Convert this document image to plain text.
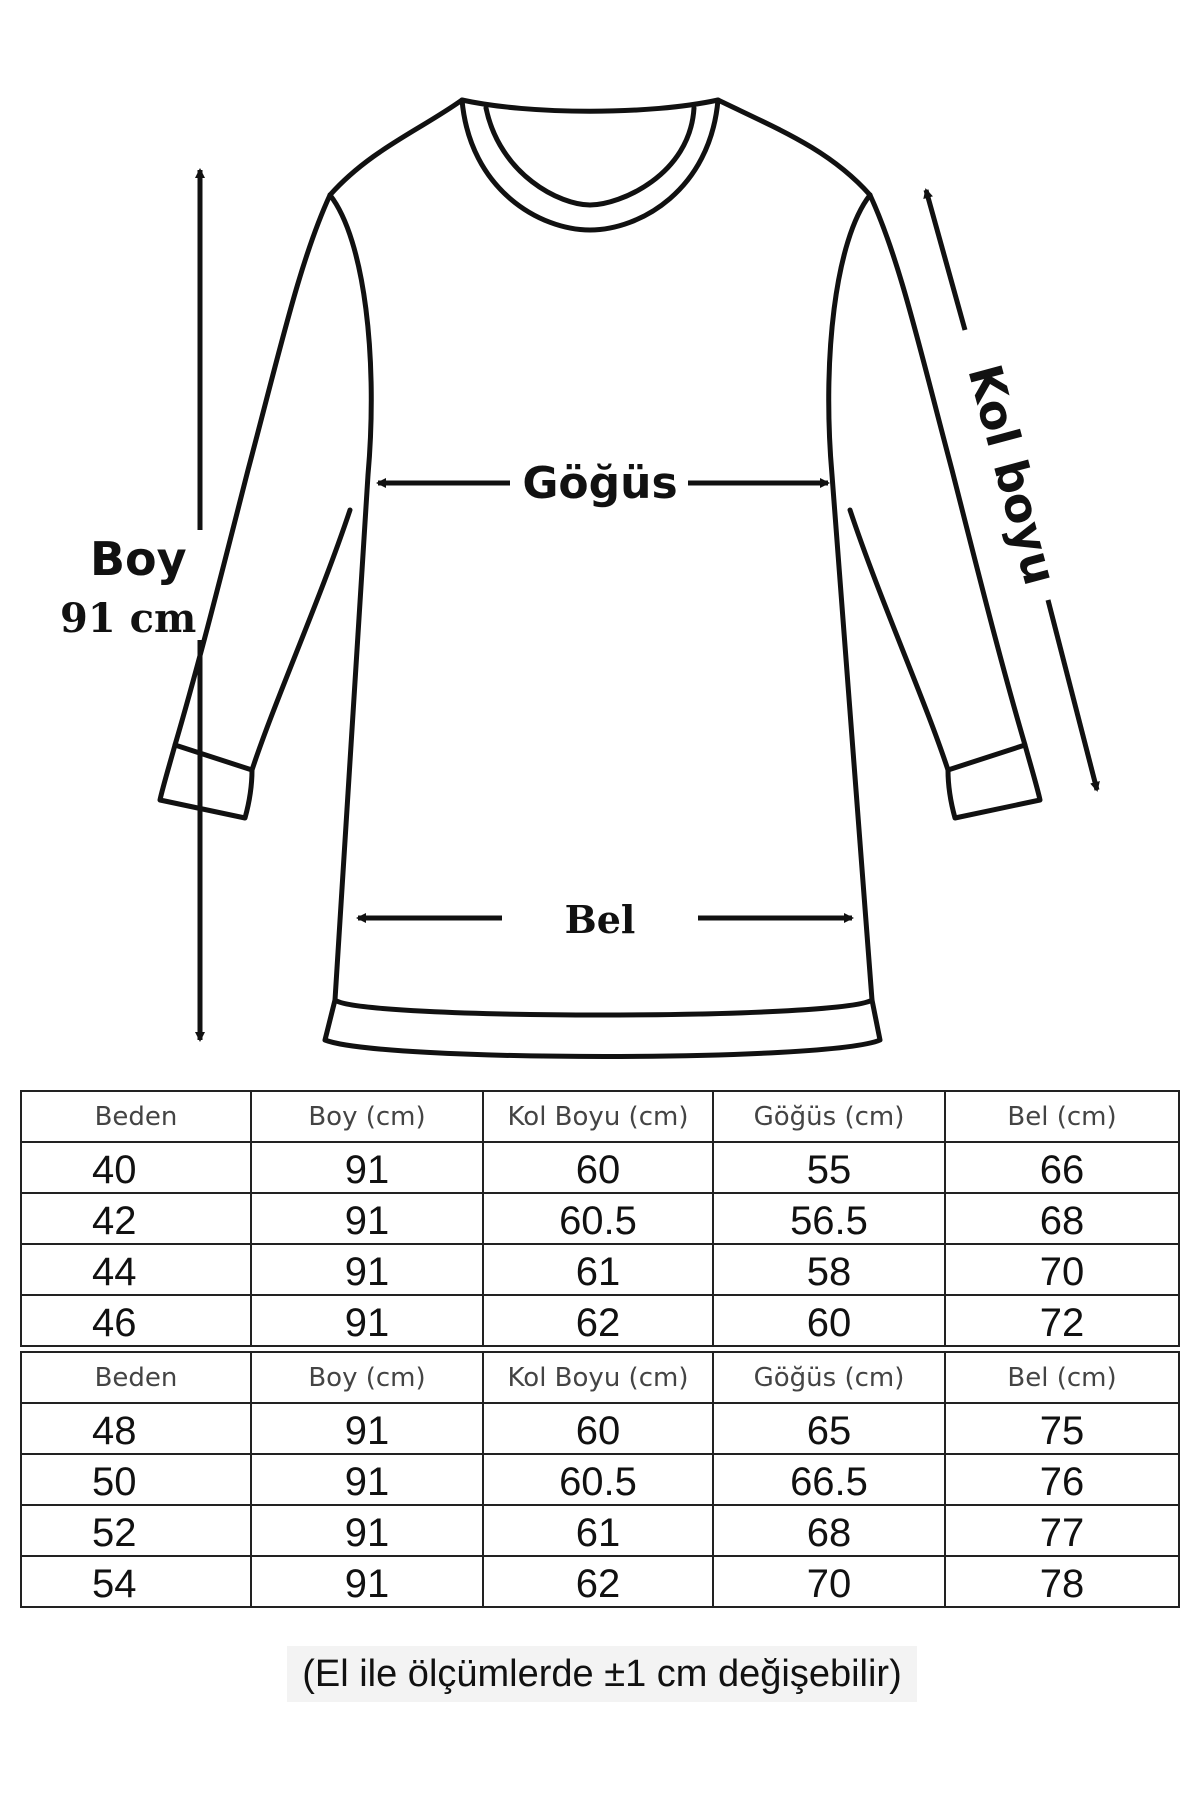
Boy
91 cm
Göğüs
Bel
Kol boyu
Beden	Boy (cm)	Kol Boyu (cm)	Göğüs (cm)	Bel (cm)
40	91	60	55	66
42	91	60.5	56.5	68
44	91	61	58	70
46	91	62	60	72
Beden	Boy (cm)	Kol Boyu (cm)	Göğüs (cm)	Bel (cm)
48	91	60	65	75
50	91	60.5	66.5	76
52	91	61	68	77
54	91	62	70	78
(El ile ölçümlerde ±1 cm değişebilir)
